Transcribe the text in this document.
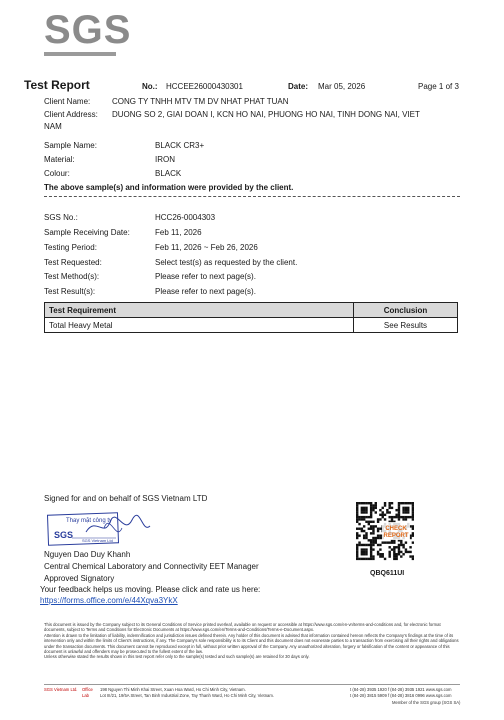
SGS
Test Report	No.: HCCEE26000430301	Date: Mar 05, 2026	Page 1 of 3
Client Name:	CONG TY TNHH MTV TM DV NHAT PHAT TUAN
Client Address: DUONG SO 2, GIAI DOAN I, KCN HO NAI, PHUONG HO NAI, TINH DONG NAI, VIET
NAM
Sample Name:	BLACK CR3+
Material:	IRON
Colour:	BLACK
The above sample(s) and information were provided by the client.
SGS No.:	HCC26-0004303
Sample Receiving Date:	Feb 11, 2026
Testing Period:	Feb 11, 2026 ~ Feb 26, 2026
Test Requested:	Select test(s) as requested by the client.
Test Method(s):	Please refer to next page(s).
Test Result(s):	Please refer to next page(s).
Test Requirement	Conclusion
Total Heavy Metal	See Results
Signed for and on behalf of SGS Vietnam LTD
Thay mặt công ty
SGS
SGS Vietnam Ltd
Nguyen Dao Duy Khanh
Central Chemical Laboratory and Connectivity EET Manager
Approved Signatory
Your feedback helps us moving. Please click and rate us here:
https://forms.office.com/e/44Xqva3YkX
CHECK
REPORT
QBQ611UI
This document is issued by the Company subject to its General Conditions of Service printed overleaf, available on request or accessible at https://www.sgs.com/en-vn/terms-and-conditions and, for electronic format documents, subject to Terms and Conditions for Electronic Documents at https://www.sgs.com/en/Terms-and-Conditions/Terms-e-Document.aspx.
Attention is drawn to the limitation of liability, indemnification and jurisdiction issues defined therein. Any holder of this document is advised that information contained hereon reflects the Company's findings at the time of its intervention only and within the limits of Client's instructions, if any. The Company's sole responsibility is to its Client and this document does not exonerate parties to a transaction from exercising all their rights and obligations under the transaction documents. This document cannot be reproduced except in full, without prior written approval of the Company. Any unauthorized alteration, forgery or falsification of the content or appearance of this document is unlawful and offenders may be prosecuted to the fullest extent of the law.
Unless otherwise stated the results shown in this test report refer only to the sample(s) tested and such sample(s) are retained for 30 days only.
SGS Vietnam Ltd. Office 198 Nguyen Thi Minh Khai Street, Xuan Hoa Ward, Ho Chi Minh City, Vietnam.
Lab	Lot III/21, 19/5A Street, Tan Binh Industrial Zone, Tay Thanh Ward, Ho Chi Minh City, Vietnam.
t (84-28) 3935 1920 f (84-28) 3935 1921 www.sgs.com
t (84-28) 3815 5909 f (84-28) 3816 0996 www.sgs.com
Member of the SGS group (SGS SA)
